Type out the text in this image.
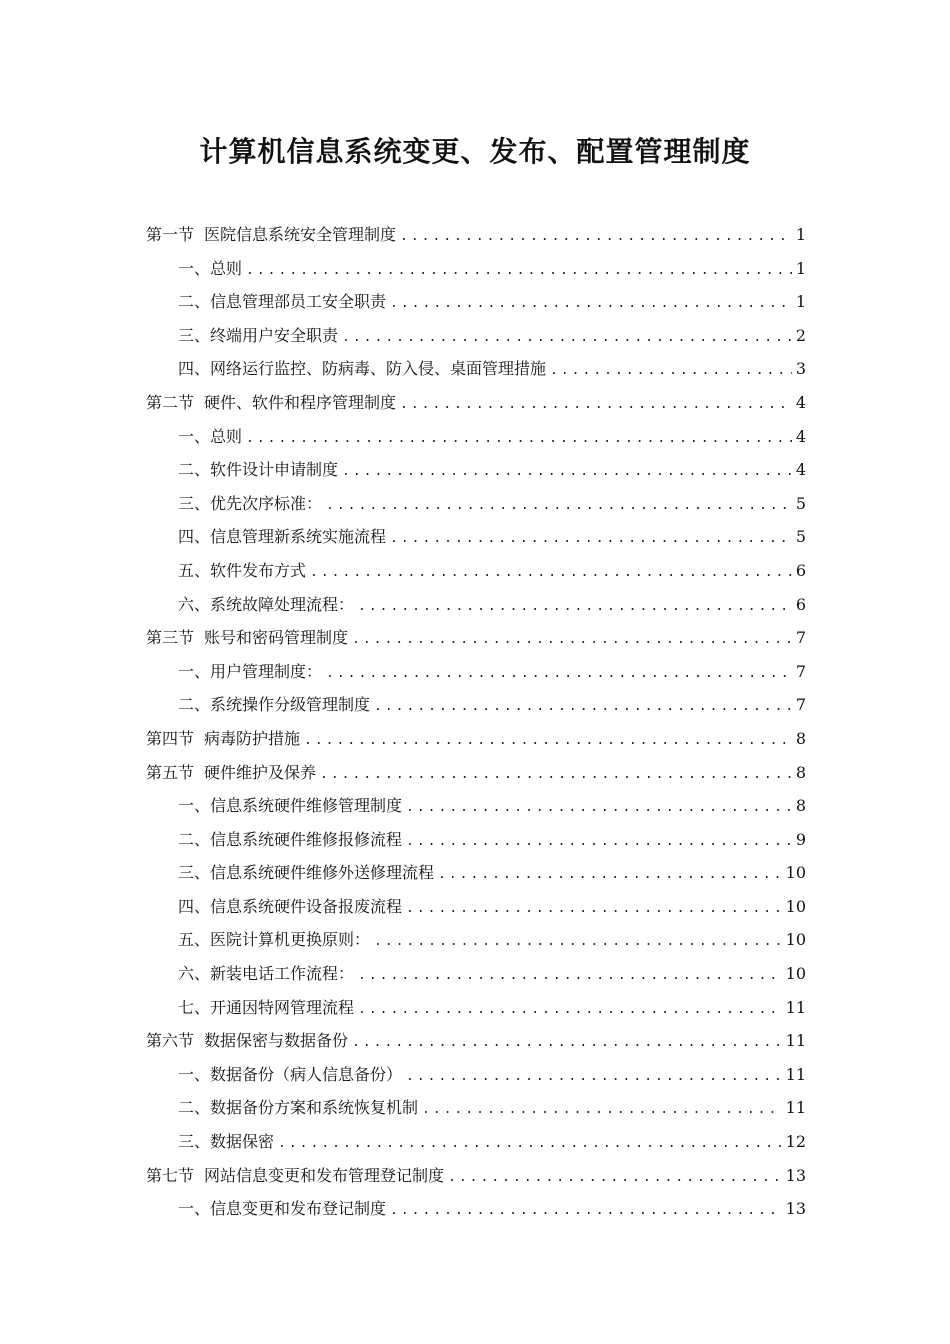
计算机信息系统变更、发布、配置管理制度
第一节 医院信息系统安全管理制度 .....	1
一、总则 .....	1
二、信息管理部员工安全职责 .....	1
三、终端用户安全职责 .....	2
四、网络运行监控、防病毒、防入侵、桌面管理措施 .....	3
第二节 硬件、软件和程序管理制度 .....	4
一、总则 .....	4
二、软件设计申请制度 .....	4
三、优先次序标准： .....	5
四、信息管理新系统实施流程 .....	5
五、软件发布方式 .....	6
六、系统故障处理流程： .....	6
第三节 账号和密码管理制度 .....	7
一、用户管理制度： .....	7
二、系统操作分级管理制度 .....	7
第四节 病毒防护措施 .....	8
第五节 硬件维护及保养 .....	8
一、信息系统硬件维修管理制度 .....	8
二、信息系统硬件维修报修流程 .....	9
三、信息系统硬件维修外送修理流程 .....	10
四、信息系统硬件设备报废流程 .....	10
五、医院计算机更换原则： .....	10
六、新装电话工作流程： .....	10
七、开通因特网管理流程 .....	11
第六节 数据保密与数据备份 .....	11
一、数据备份（病人信息备份） .....	11
二、数据备份方案和系统恢复机制 .....	11
三、数据保密 .....	12
第七节 网站信息变更和发布管理登记制度 .....	13
一、信息变更和发布登记制度 .....	13
